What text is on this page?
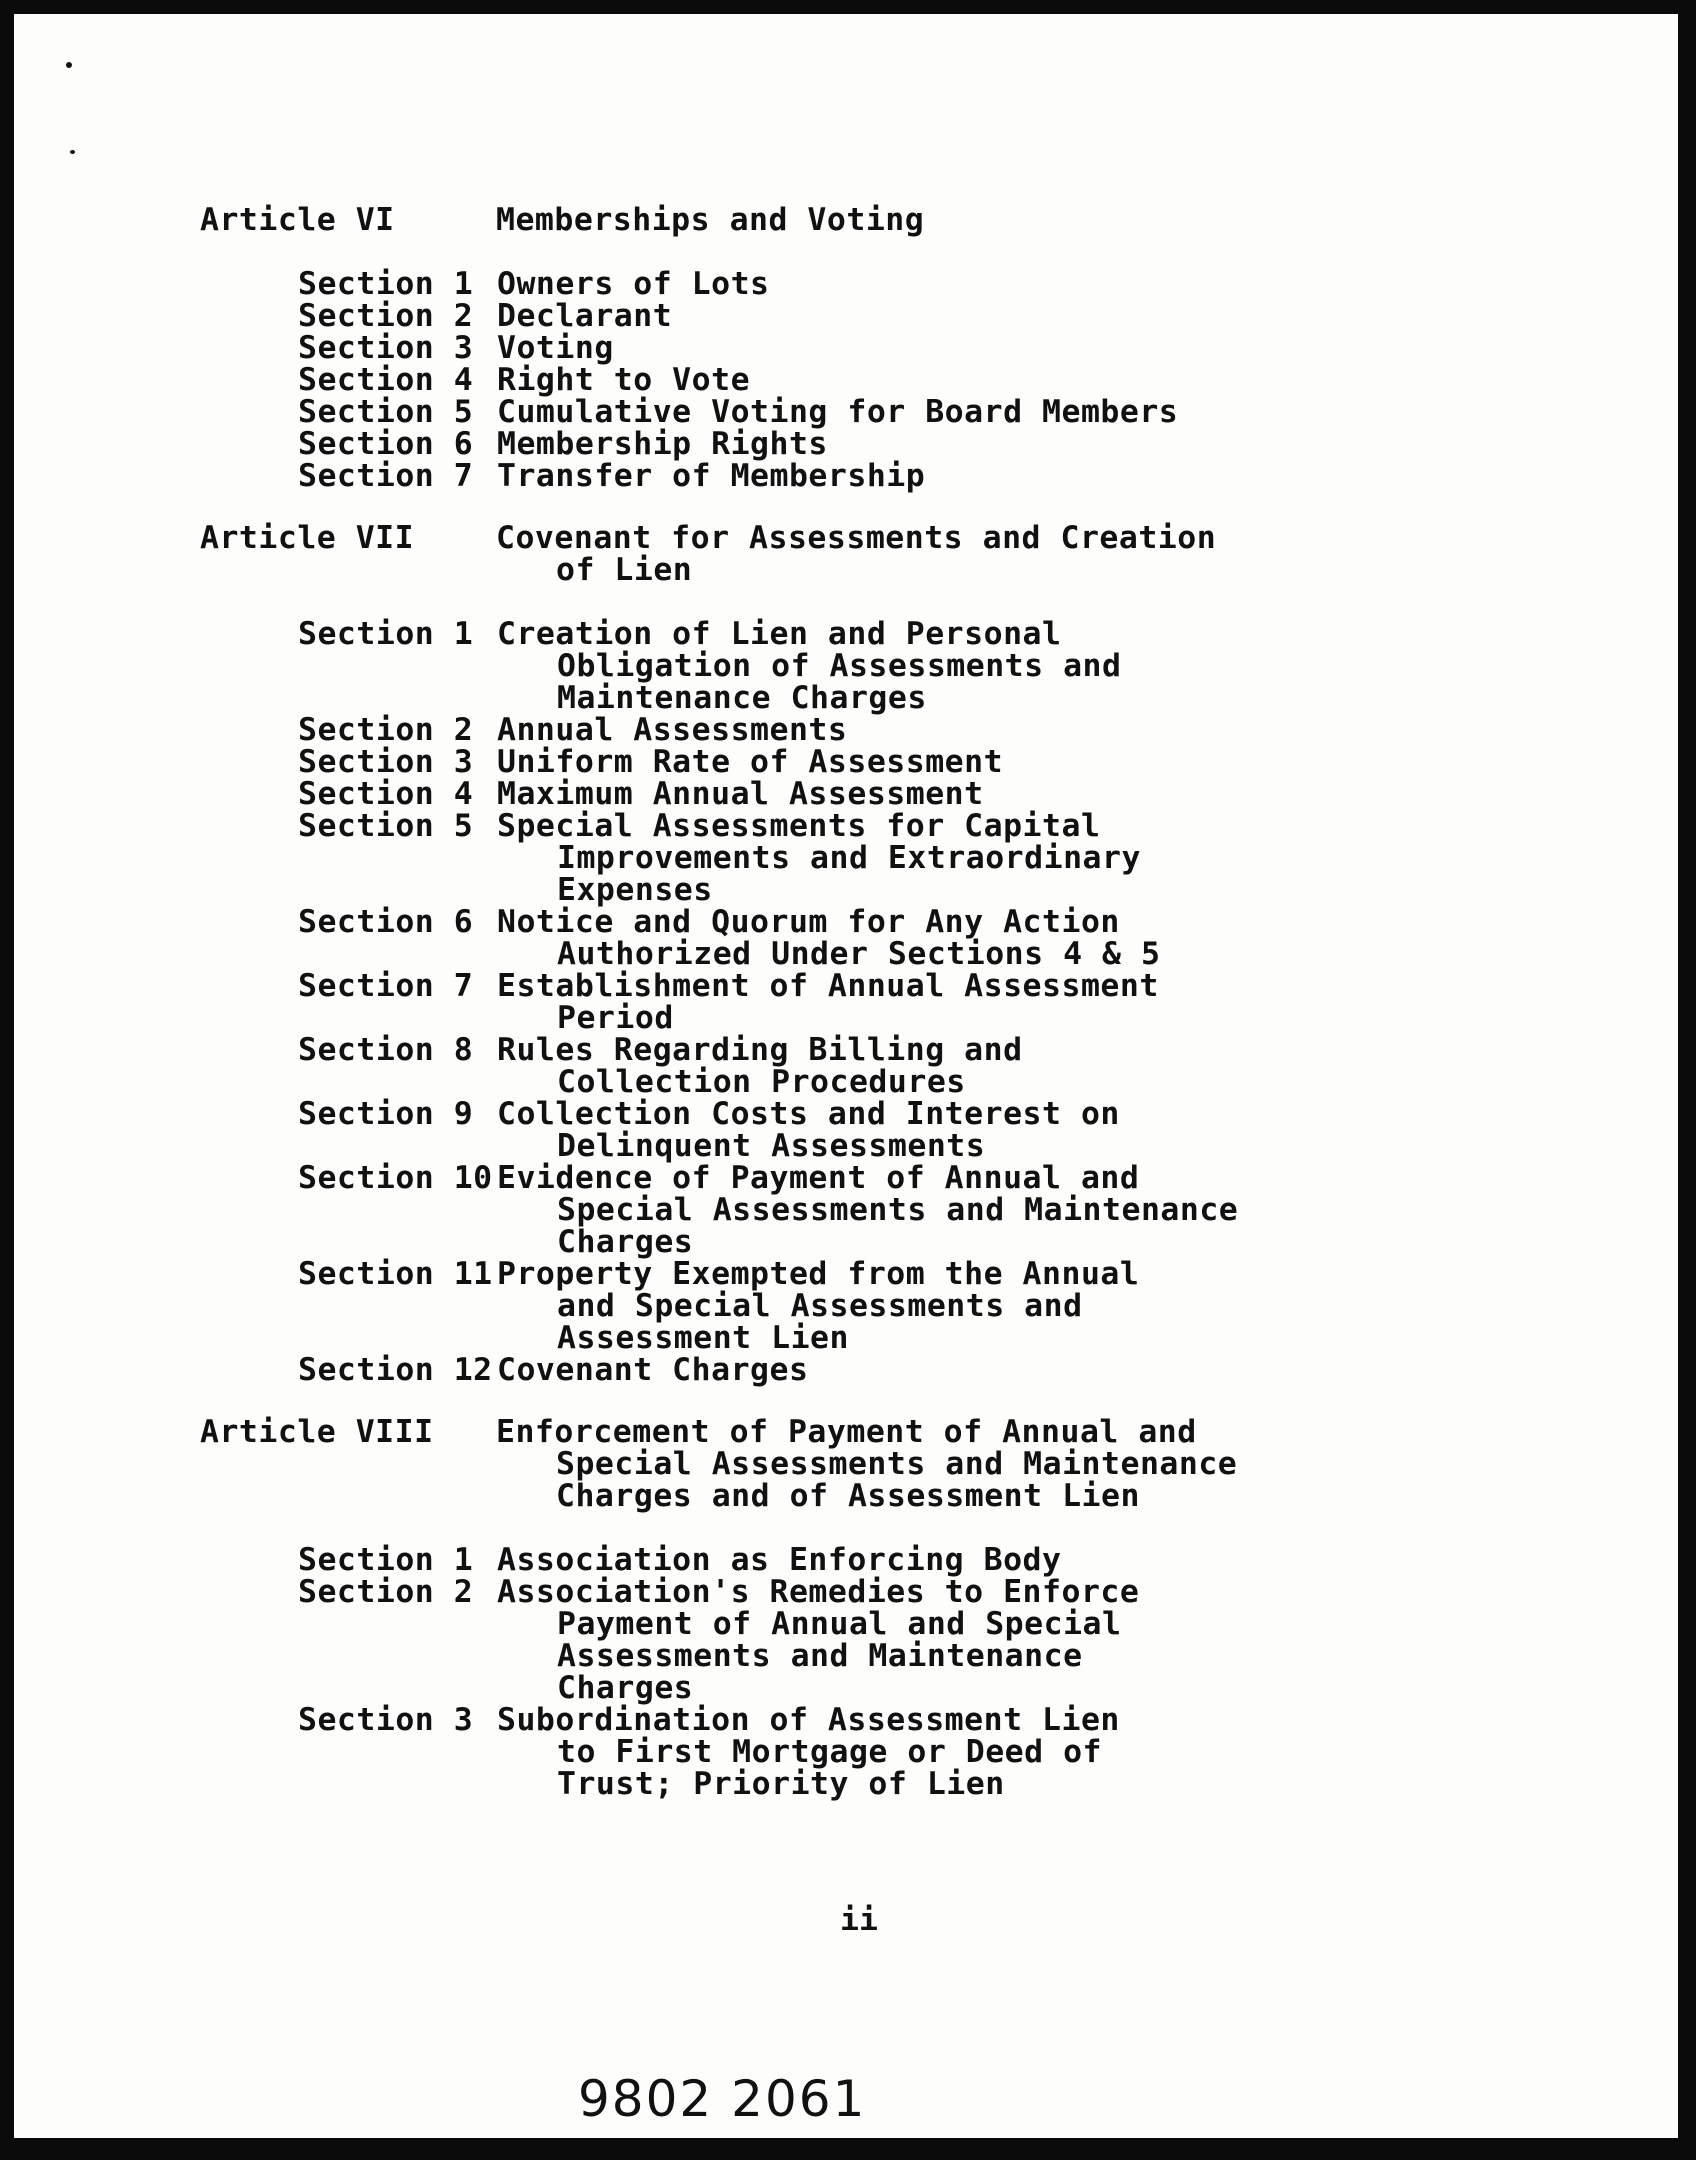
Article VI	Memberships and Voting
Section 1 Owners of Lots
Section 2 Declarant
Section 3 Voting
Section 4 Right to Vote
Section 5 Cumulative Voting for Board Members
Section 6 Membership Rights
Section 7 Transfer of Membership
Article VII	Covenant for Assessments and Creation
of Lien
Section 1 Creation of Lien and Personal
Obligation of Assessments and
Maintenance Charges
Section 2 Annual Assessments
Section 3 Uniform Rate of Assessment
Section 4 Maximum Annual Assessment
Section 5 Special Assessments for Capital
Improvements and Extraordinary
Expenses
Section 6 Notice and Quorum for Any Action
Authorized Under Sections 4 & 5
Section 7 Establishment of Annual Assessment
Period
Section 8 Rules Regarding Billing and
Collection Procedures
Section 9 Collection Costs and Interest on
Delinquent Assessments
Section 10 Evidence of Payment of Annual and
Special Assessments and Maintenance
Charges
Section 11 Property Exempted from the Annual
and Special Assessments and
Assessment Lien
Section 12 Covenant Charges
Article VIII	Enforcement of Payment of Annual and
Special Assessments and Maintenance
Charges and of Assessment Lien
Section 1 Association as Enforcing Body
Section 2 Association's Remedies to Enforce
Payment of Annual and Special
Assessments and Maintenance
Charges
Section 3 Subordination of Assessment Lien
to First Mortgage or Deed of
Trust; Priority of Lien
ii
9802 2061
